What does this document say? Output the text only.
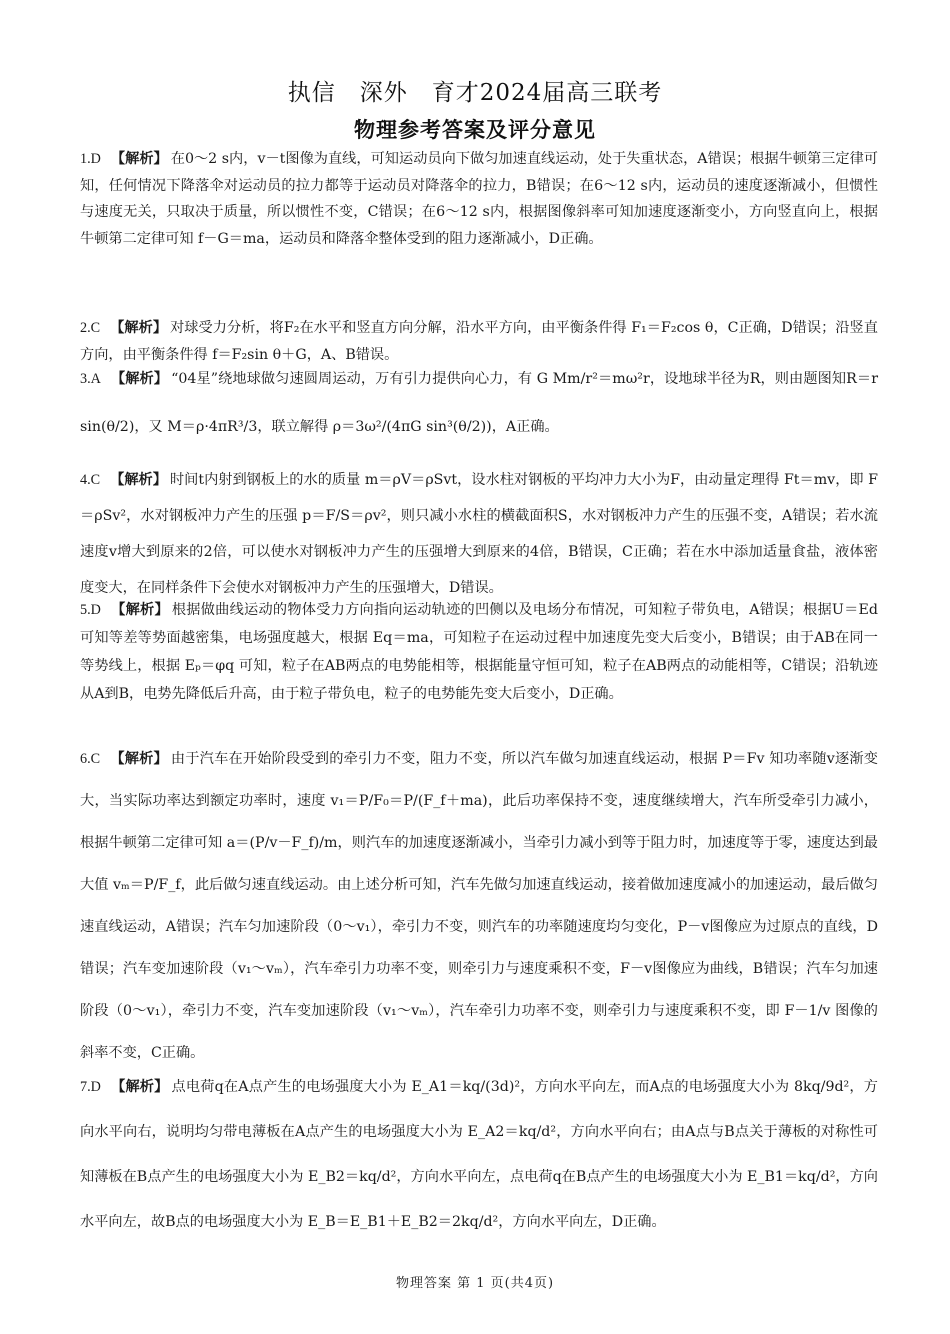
执信　深外　育才2024届高三联考
物理参考答案及评分意见
1.D 【解析】 在0～2 s内，v－t图像为直线，可知运动员向下做匀加速直线运动，处于失重状态，A错误；根据牛顿第三定律可知，任何情况下降落伞对运动员的拉力都等于运动员对降落伞的拉力，B错误；在6～12 s内，运动员的速度逐渐减小，但惯性与速度无关，只取决于质量，所以惯性不变，C错误；在6～12 s内，根据图像斜率可知加速度逐渐变小，方向竖直向上，根据牛顿第二定律可知 f－G＝ma，运动员和降落伞整体受到的阻力逐渐减小，D正确。
2.C 【解析】 对球受力分析，将F₂在水平和竖直方向分解，沿水平方向，由平衡条件得 F₁＝F₂cos θ，C正确，D错误；沿竖直方向，由平衡条件得 f＝F₂sin θ＋G，A、B错误。
3.A 【解析】 “04星”绕地球做匀速圆周运动，万有引力提供向心力，有 G Mm/r²＝mω²r，设地球半径为R，则由题图知R＝r sin(θ/2)，又 M＝ρ·4πR³/3，联立解得 ρ＝3ω²/(4πG sin³(θ/2))，A正确。
4.C 【解析】 时间t内射到钢板上的水的质量 m＝ρV＝ρSvt，设水柱对钢板的平均冲力大小为F，由动量定理得 Ft＝mv，即 F＝ρSv²，水对钢板冲力产生的压强 p＝F/S＝ρv²，则只减小水柱的横截面积S，水对钢板冲力产生的压强不变，A错误；若水流速度v增大到原来的2倍，可以使水对钢板冲力产生的压强增大到原来的4倍，B错误，C正确；若在水中添加适量食盐，液体密度变大，在同样条件下会使水对钢板冲力产生的压强增大，D错误。
5.D 【解析】 根据做曲线运动的物体受力方向指向运动轨迹的凹侧以及电场分布情况，可知粒子带负电，A错误；根据U＝Ed可知等差等势面越密集，电场强度越大，根据 Eq＝ma，可知粒子在运动过程中加速度先变大后变小，B错误；由于AB在同一等势线上，根据 Eₚ＝φq 可知，粒子在AB两点的电势能相等，根据能量守恒可知，粒子在AB两点的动能相等，C错误；沿轨迹从A到B，电势先降低后升高，由于粒子带负电，粒子的电势能先变大后变小，D正确。
6.C 【解析】 由于汽车在开始阶段受到的牵引力不变，阻力不变，所以汽车做匀加速直线运动，根据 P＝Fv 知功率随v逐渐变大，当实际功率达到额定功率时，速度 v₁＝P/F₀＝P/(F_f＋ma)，此后功率保持不变，速度继续增大，汽车所受牵引力减小，根据牛顿第二定律可知 a＝(P/v－F_f)/m，则汽车的加速度逐渐减小，当牵引力减小到等于阻力时，加速度等于零，速度达到最大值 vₘ＝P/F_f，此后做匀速直线运动。由上述分析可知，汽车先做匀加速直线运动，接着做加速度减小的加速运动，最后做匀速直线运动，A错误；汽车匀加速阶段（0～v₁），牵引力不变，则汽车的功率随速度均匀变化，P－v图像应为过原点的直线，D错误；汽车变加速阶段（v₁～vₘ），汽车牵引力功率不变，则牵引力与速度乘积不变，F－v图像应为曲线，B错误；汽车匀加速阶段（0～v₁），牵引力不变，汽车变加速阶段（v₁～vₘ），汽车牵引力功率不变，则牵引力与速度乘积不变，即 F－1/v 图像的斜率不变，C正确。
7.D 【解析】 点电荷q在A点产生的电场强度大小为 E_A1＝kq/(3d)²，方向水平向左，而A点的电场强度大小为 8kq/9d²，方向水平向右，说明均匀带电薄板在A点产生的电场强度大小为 E_A2＝kq/d²，方向水平向右；由A点与B点关于薄板的对称性可知薄板在B点产生的电场强度大小为 E_B2＝kq/d²，方向水平向左，点电荷q在B点产生的电场强度大小为 E_B1＝kq/d²，方向水平向左，故B点的电场强度大小为 E_B＝E_B1＋E_B2＝2kq/d²，方向水平向左，D正确。
物理答案 第 1 页(共4页)
